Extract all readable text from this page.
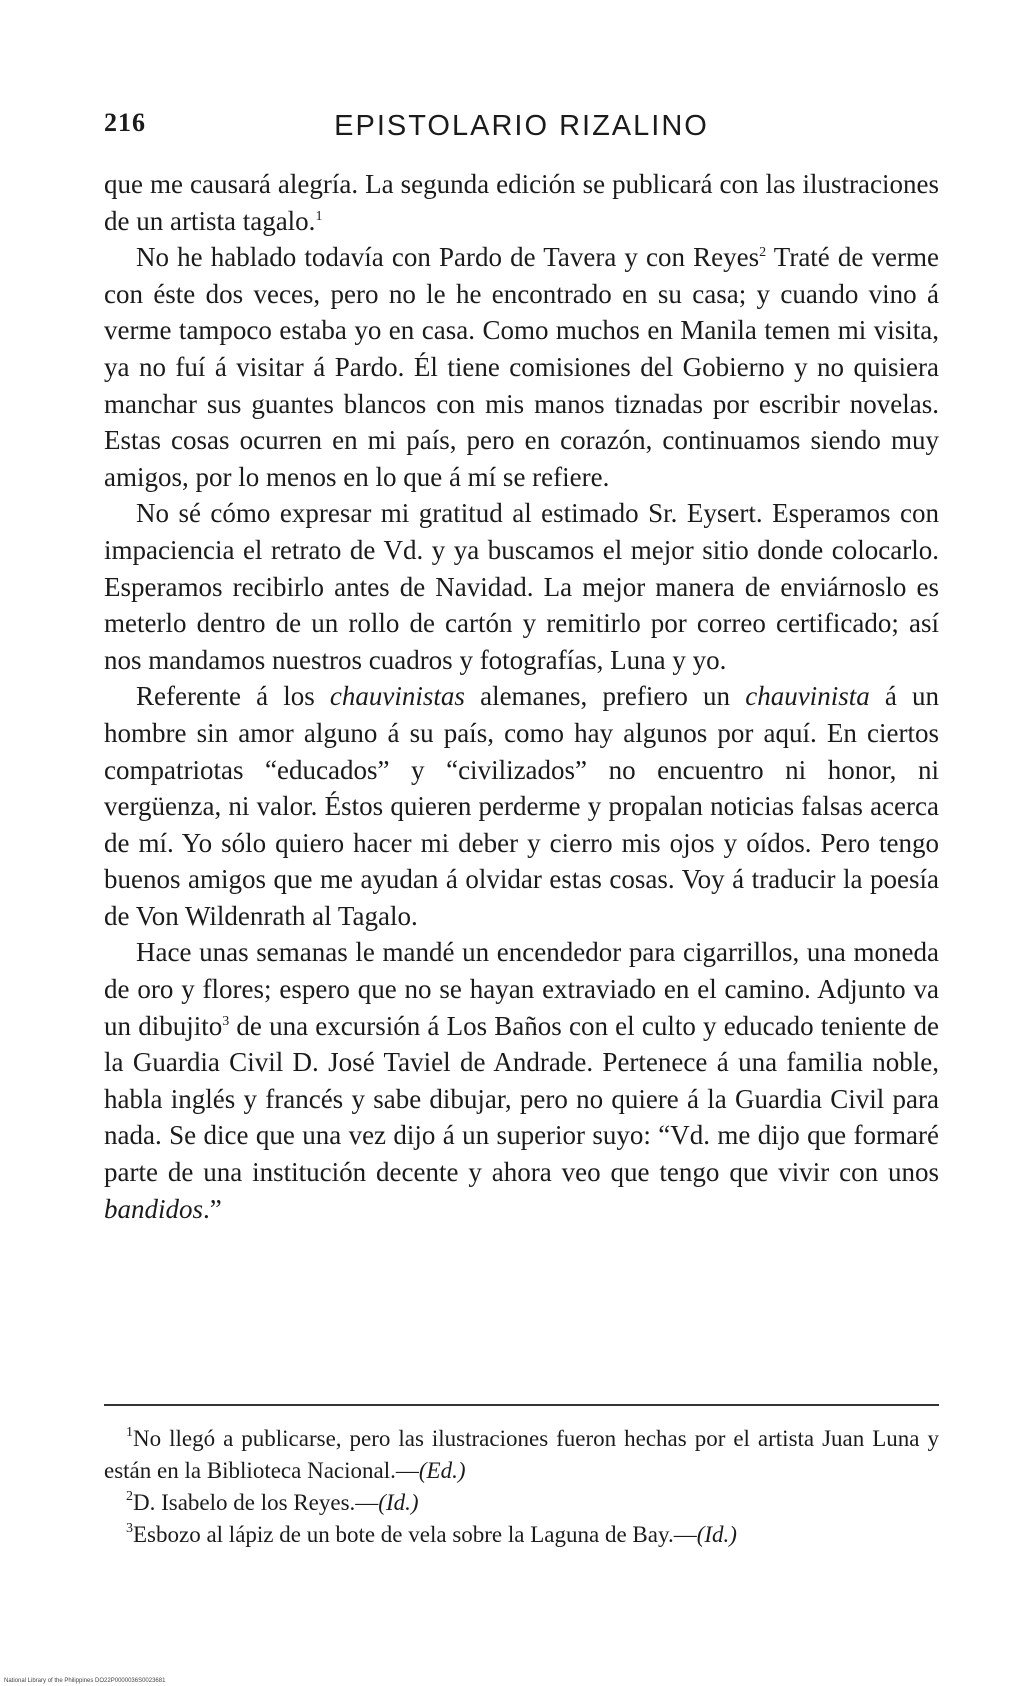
216	EPISTOLARIO RIZALINO

que me causará alegría. La segunda edición se publicará con las ilustraciones de un artista tagalo.$^1$

No he hablado todavía con Pardo de Tavera y con Reyes$^2$ Traté de verme con éste dos veces, pero no le he encontrado en su casa; y cuando vino á verme tampoco estaba yo en casa. Como muchos en Manila temen mi visita, ya no fuí á visitar á Pardo. Él tiene comisiones del Gobierno y no quisiera manchar sus guantes blancos con mis manos tiznadas por escribir novelas. Estas cosas ocurren en mi país, pero en corazón, continuamos siendo muy amigos, por lo menos en lo que á mí se refiere.

No sé cómo expresar mi gratitud al estimado Sr. Eysert. Esperamos con impaciencia el retrato de Vd. y ya buscamos el mejor sitio donde colocarlo. Esperamos recibirlo antes de Navidad. La mejor manera de enviárnoslo es meterlo dentro de un rollo de cartón y remitirlo por correo certificado; así nos mandamos nuestros cuadros y fotografías, Luna y yo.

Referente á los chauvinistas alemanes, prefiero un chauvinista á un hombre sin amor alguno á su país, como hay algunos por aquí. En ciertos compatriotas “educados” y “civilizados” no encuentro ni honor, ni vergüenza, ni valor. Éstos quieren perderme y propalan noticias falsas acerca de mí. Yo sólo quiero hacer mi deber y cierro mis ojos y oídos. Pero tengo buenos amigos que me ayudan á olvidar estas cosas. Voy á traducir la poesía de Von Wildenrath al Tagalo.

Hace unas semanas le mandé un encendedor para cigarrillos, una moneda de oro y flores; espero que no se hayan extraviado en el camino. Adjunto va un dibujito$^3$ de una excursión á Los Baños con el culto y educado teniente de la Guardia Civil D. José Taviel de Andrade. Pertenece á una familia noble, habla inglés y francés y sabe dibujar, pero no quiere á la Guardia Civil para nada. Se dice que una vez dijo á un superior suyo: “Vd. me dijo que formaré parte de una institución decente y ahora veo que tengo que vivir con unos bandidos.”

$^1$No llegó a publicarse, pero las ilustraciones fueron hechas por el artista Juan Luna y están en la Biblioteca Nacional.—(Ed.)

$^2$D. Isabelo de los Reyes.—(Id.)

$^3$Esbozo al lápiz de un bote de vela sobre la Laguna de Bay.—(Id.)

National Library of the Philippines DO22P0000036S0023681
